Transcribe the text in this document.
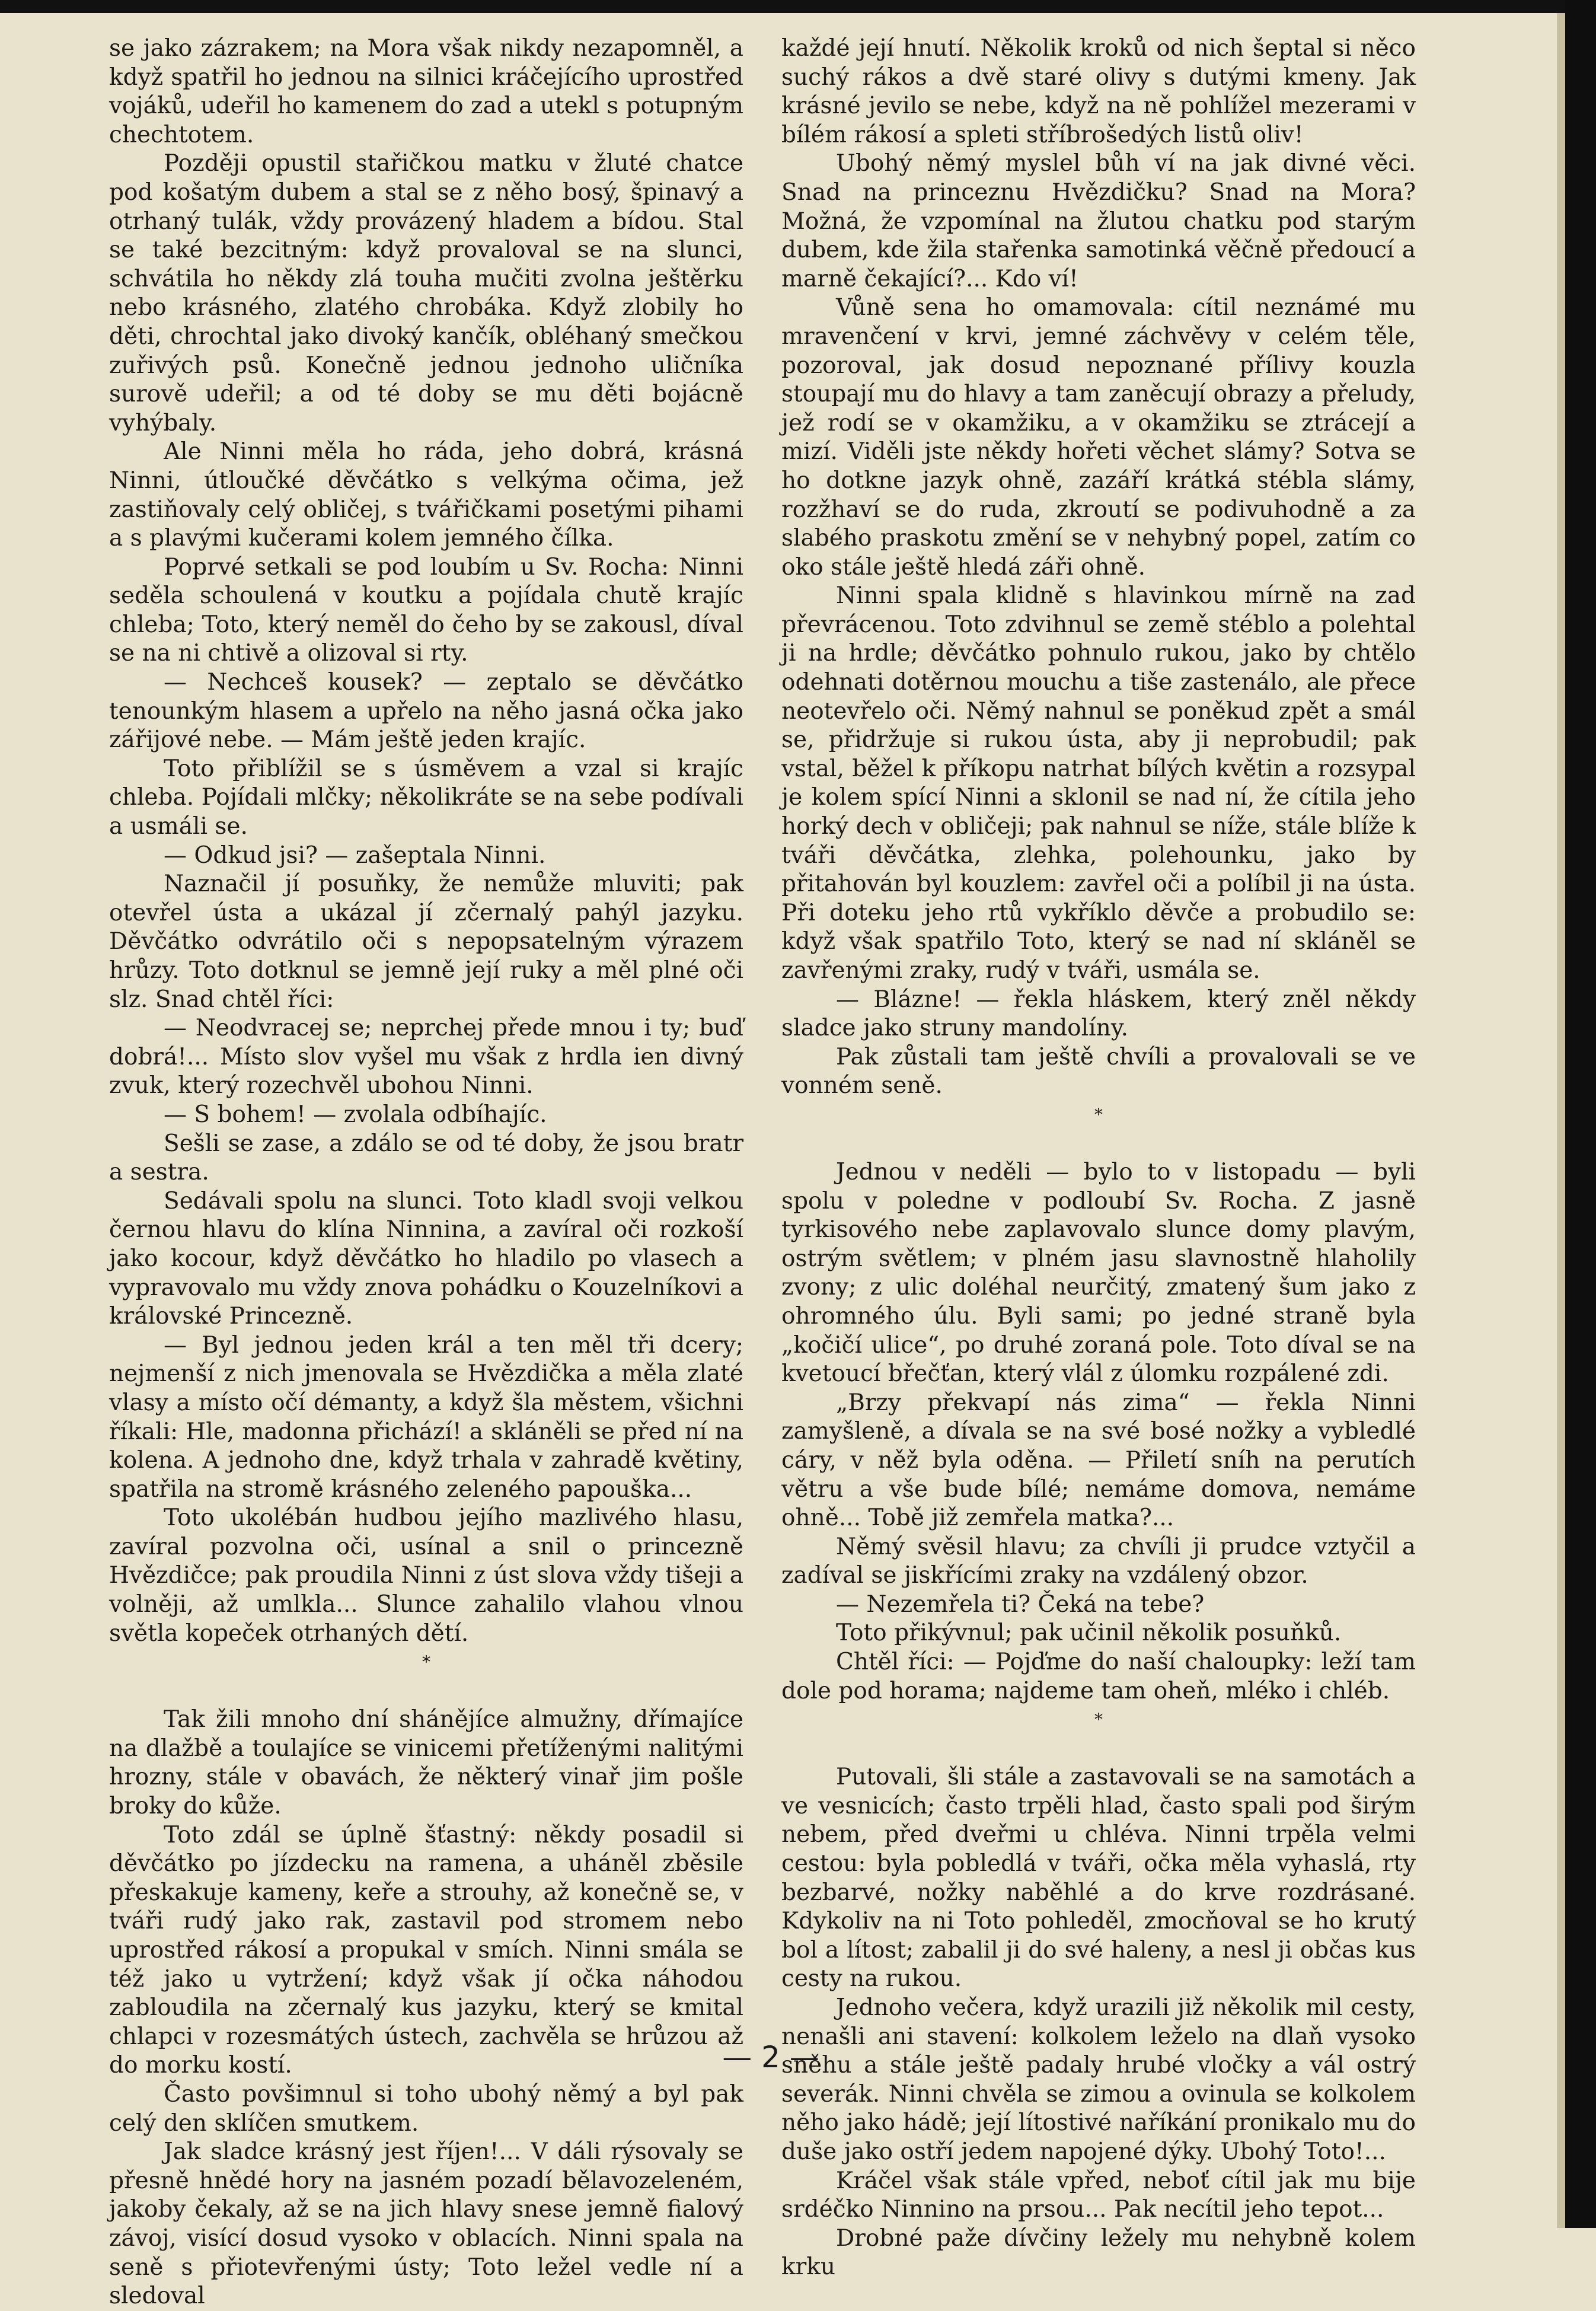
se jako zázrakem; na Mora však nikdy nezapomněl, a když spatřil ho jednou na silnici kráčejícího uprostřed vojáků, udeřil ho kamenem do zad a utekl s potupným chechtotem.

Později opustil stařičkou matku v žluté chatce pod košatým dubem a stal se z něho bosý, špinavý a otrhaný tulák, vždy provázený hladem a bídou. Stal se také bezcitným: když provaloval se na slunci, schvátila ho někdy zlá touha mučiti zvolna ještěrku nebo krásného, zlatého chrobáka. Když zlobily ho děti, chrochtal jako divoký kančík, obléhaný smečkou zuřivých psů. Konečně jednou jednoho uličníka surově udeřil; a od té doby se mu děti bojácně vyhýbaly.

Ale Ninni měla ho ráda, jeho dobrá, krásná Ninni, útloučké děvčátko s velkýma očima, jež zastiňovaly celý obličej, s tvářičkami posetými pihami a s plavými kučerami kolem jemného čílka.

Poprvé setkali se pod loubím u Sv. Rocha: Ninni seděla schoulená v koutku a pojídala chutě krajíc chleba; Toto, který neměl do čeho by se zakousl, díval se na ni chtivě a olizoval si rty.

— Nechceš kousek? — zeptalo se děvčátko tenounkým hlasem a upřelo na něho jasná očka jako zářijové nebe. — Mám ještě jeden krajíc.

Toto přiblížil se s úsměvem a vzal si krajíc chleba. Pojídali mlčky; několikráte se na sebe podívali a usmáli se.

— Odkud jsi? — zašeptala Ninni.

Naznačil jí posuňky, že nemůže mluviti; pak otevřel ústa a ukázal jí zčernalý pahýl jazyku. Děvčátko odvrátilo oči s nepopsatelným výrazem hrůzy. Toto dotknul se jemně její ruky a měl plné oči slz. Snad chtěl říci:

— Neodvracej se; neprchej přede mnou i ty; buď dobrá!... Místo slov vyšel mu však z hrdla ien divný zvuk, který rozechvěl ubohou Ninni.

— S bohem! — zvolala odbíhajíc.

Sešli se zase, a zdálo se od té doby, že jsou bratr a sestra.

Sedávali spolu na slunci. Toto kladl svoji velkou černou hlavu do klína Ninnina, a zavíral oči rozkoší jako kocour, když děvčátko ho hladilo po vlasech a vypravovalo mu vždy znova pohádku o Kouzelníkovi a královské Princezně.

— Byl jednou jeden král a ten měl tři dcery; nejmenší z nich jmenovala se Hvězdička a měla zlaté vlasy a místo očí démanty, a když šla městem, všichni říkali: Hle, madonna přichází! a skláněli se před ní na kolena. A jednoho dne, když trhala v zahradě květiny, spatřila na stromě krásného zeleného papouška...

Toto ukolébán hudbou jejího mazlivého hlasu, zavíral pozvolna oči, usínal a snil o princezně Hvězdičce; pak proudila Ninni z úst slova vždy tišeji a volněji, až umlkla... Slunce zahalilo vlahou vlnou světla kopeček otrhaných dětí.

*

Tak žili mnoho dní shánějíce almužny, dřímajíce na dlažbě a toulajíce se vinicemi přetíženými nalitými hrozny, stále v obavách, že některý vinař jim pošle broky do kůže.

Toto zdál se úplně šťastný: někdy posadil si děvčátko po jízdecku na ramena, a uháněl zběsile přeskakuje kameny, keře a strouhy, až konečně se, v tváři rudý jako rak, zastavil pod stromem nebo uprostřed rákosí a propukal v smích. Ninni smála se též jako u vytržení; když však jí očka náhodou zabloudila na zčernalý kus jazyku, který se kmital chlapci v rozesmátých ústech, zachvěla se hrůzou až do morku kostí.

Často povšimnul si toho ubohý němý a byl pak celý den sklíčen smutkem.

Jak sladce krásný jest říjen!... V dáli rýsovaly se přesně hnědé hory na jasném pozadí bělavozeleném, jakoby čekaly, až se na jich hlavy snese jemně fialový závoj, visící dosud vysoko v oblacích. Ninni spala na seně s přiotevřenými ústy; Toto ležel vedle ní a sledoval

každé její hnutí. Několik kroků od nich šeptal si něco suchý rákos a dvě staré olivy s dutými kmeny. Jak krásné jevilo se nebe, když na ně pohlížel mezerami v bílém rákosí a spleti stříbrošedých listů oliv!

Ubohý němý myslel bůh ví na jak divné věci. Snad na princeznu Hvězdičku? Snad na Mora? Možná, že vzpomínal na žlutou chatku pod starým dubem, kde žila stařenka samotinká věčně předoucí a marně čekající?... Kdo ví!

Vůně sena ho omamovala: cítil neznámé mu mravenčení v krvi, jemné záchvěvy v celém těle, pozoroval, jak dosud nepoznané přílivy kouzla stoupají mu do hlavy a tam zaněcují obrazy a přeludy, jež rodí se v okamžiku, a v okamžiku se ztrácejí a mizí. Viděli jste někdy hořeti věchet slámy? Sotva se ho dotkne jazyk ohně, zazáří krátká stébla slámy, rozžhaví se do ruda, zkroutí se podivuhodně a za slabého praskotu změní se v nehybný popel, zatím co oko stále ještě hledá záři ohně.

Ninni spala klidně s hlavinkou mírně na zad převrácenou. Toto zdvihnul se země stéblo a polehtal ji na hrdle; děvčátko pohnulo rukou, jako by chtělo odehnati dotěrnou mouchu a tiše zastenálo, ale přece neotevřelo oči. Němý nahnul se poněkud zpět a smál se, přidržuje si rukou ústa, aby ji neprobudil; pak vstal, běžel k příkopu natrhat bílých květin a rozsypal je kolem spící Ninni a sklonil se nad ní, že cítila jeho horký dech v obličeji; pak nahnul se níže, stále blíže k tváři děvčátka, zlehka, polehounku, jako by přitahován byl kouzlem: zavřel oči a políbil ji na ústa. Při doteku jeho rtů vykříklo děvče a probudilo se: když však spatřilo Toto, který se nad ní skláněl se zavřenými zraky, rudý v tváři, usmála se.

— Blázne! — řekla hláskem, který zněl někdy sladce jako struny mandolíny.

Pak zůstali tam ještě chvíli a provalovali se ve vonném seně.

*

Jednou v neděli — bylo to v listopadu — byli spolu v poledne v podloubí Sv. Rocha. Z jasně tyrkisového nebe zaplavovalo slunce domy plavým, ostrým světlem; v plném jasu slavnostně hlaholily zvony; z ulic doléhal neurčitý, zmatený šum jako z ohromného úlu. Byli sami; po jedné straně byla „kočičí ulice“, po druhé zoraná pole. Toto díval se na kvetoucí břečťan, který vlál z úlomku rozpálené zdi.

„Brzy překvapí nás zima“ — řekla Ninni zamyšleně, a dívala se na své bosé nožky a vybledlé cáry, v něž byla oděna. — Přiletí sníh na perutích větru a vše bude bílé; nemáme domova, nemáme ohně... Tobě již zemřela matka?...

Němý svěsil hlavu; za chvíli ji prudce vztyčil a zadíval se jiskřícími zraky na vzdálený obzor.

— Nezemřela ti? Čeká na tebe?

Toto přikývnul; pak učinil několik posuňků.

Chtěl říci: — Pojďme do naší chaloupky: leží tam dole pod horama; najdeme tam oheň, mléko i chléb.

*

Putovali, šli stále a zastavovali se na samotách a ve vesnicích; často trpěli hlad, často spali pod širým nebem, před dveřmi u chléva. Ninni trpěla velmi cestou: byla pobledlá v tváři, očka měla vyhaslá, rty bezbarvé, nožky naběhlé a do krve rozdrásané. Kdykoliv na ni Toto pohleděl, zmocňoval se ho krutý bol a lítost; zabalil ji do své haleny, a nesl ji občas kus cesty na rukou.

Jednoho večera, když urazili již několik mil cesty, nenašli ani stavení: kolkolem leželo na dlaň vysoko sněhu a stále ještě padaly hrubé vločky a vál ostrý severák. Ninni chvěla se zimou a ovinula se kolkolem něho jako hádě; její lítostivé naříkání pronikalo mu do duše jako ostří jedem napojené dýky. Ubohý Toto!...

Kráčel však stále vpřed, neboť cítil jak mu bije srdéčko Ninnino na prsou... Pak necítil jeho tepot...

Drobné paže dívčiny ležely mu nehybně kolem krku

— 2 —
